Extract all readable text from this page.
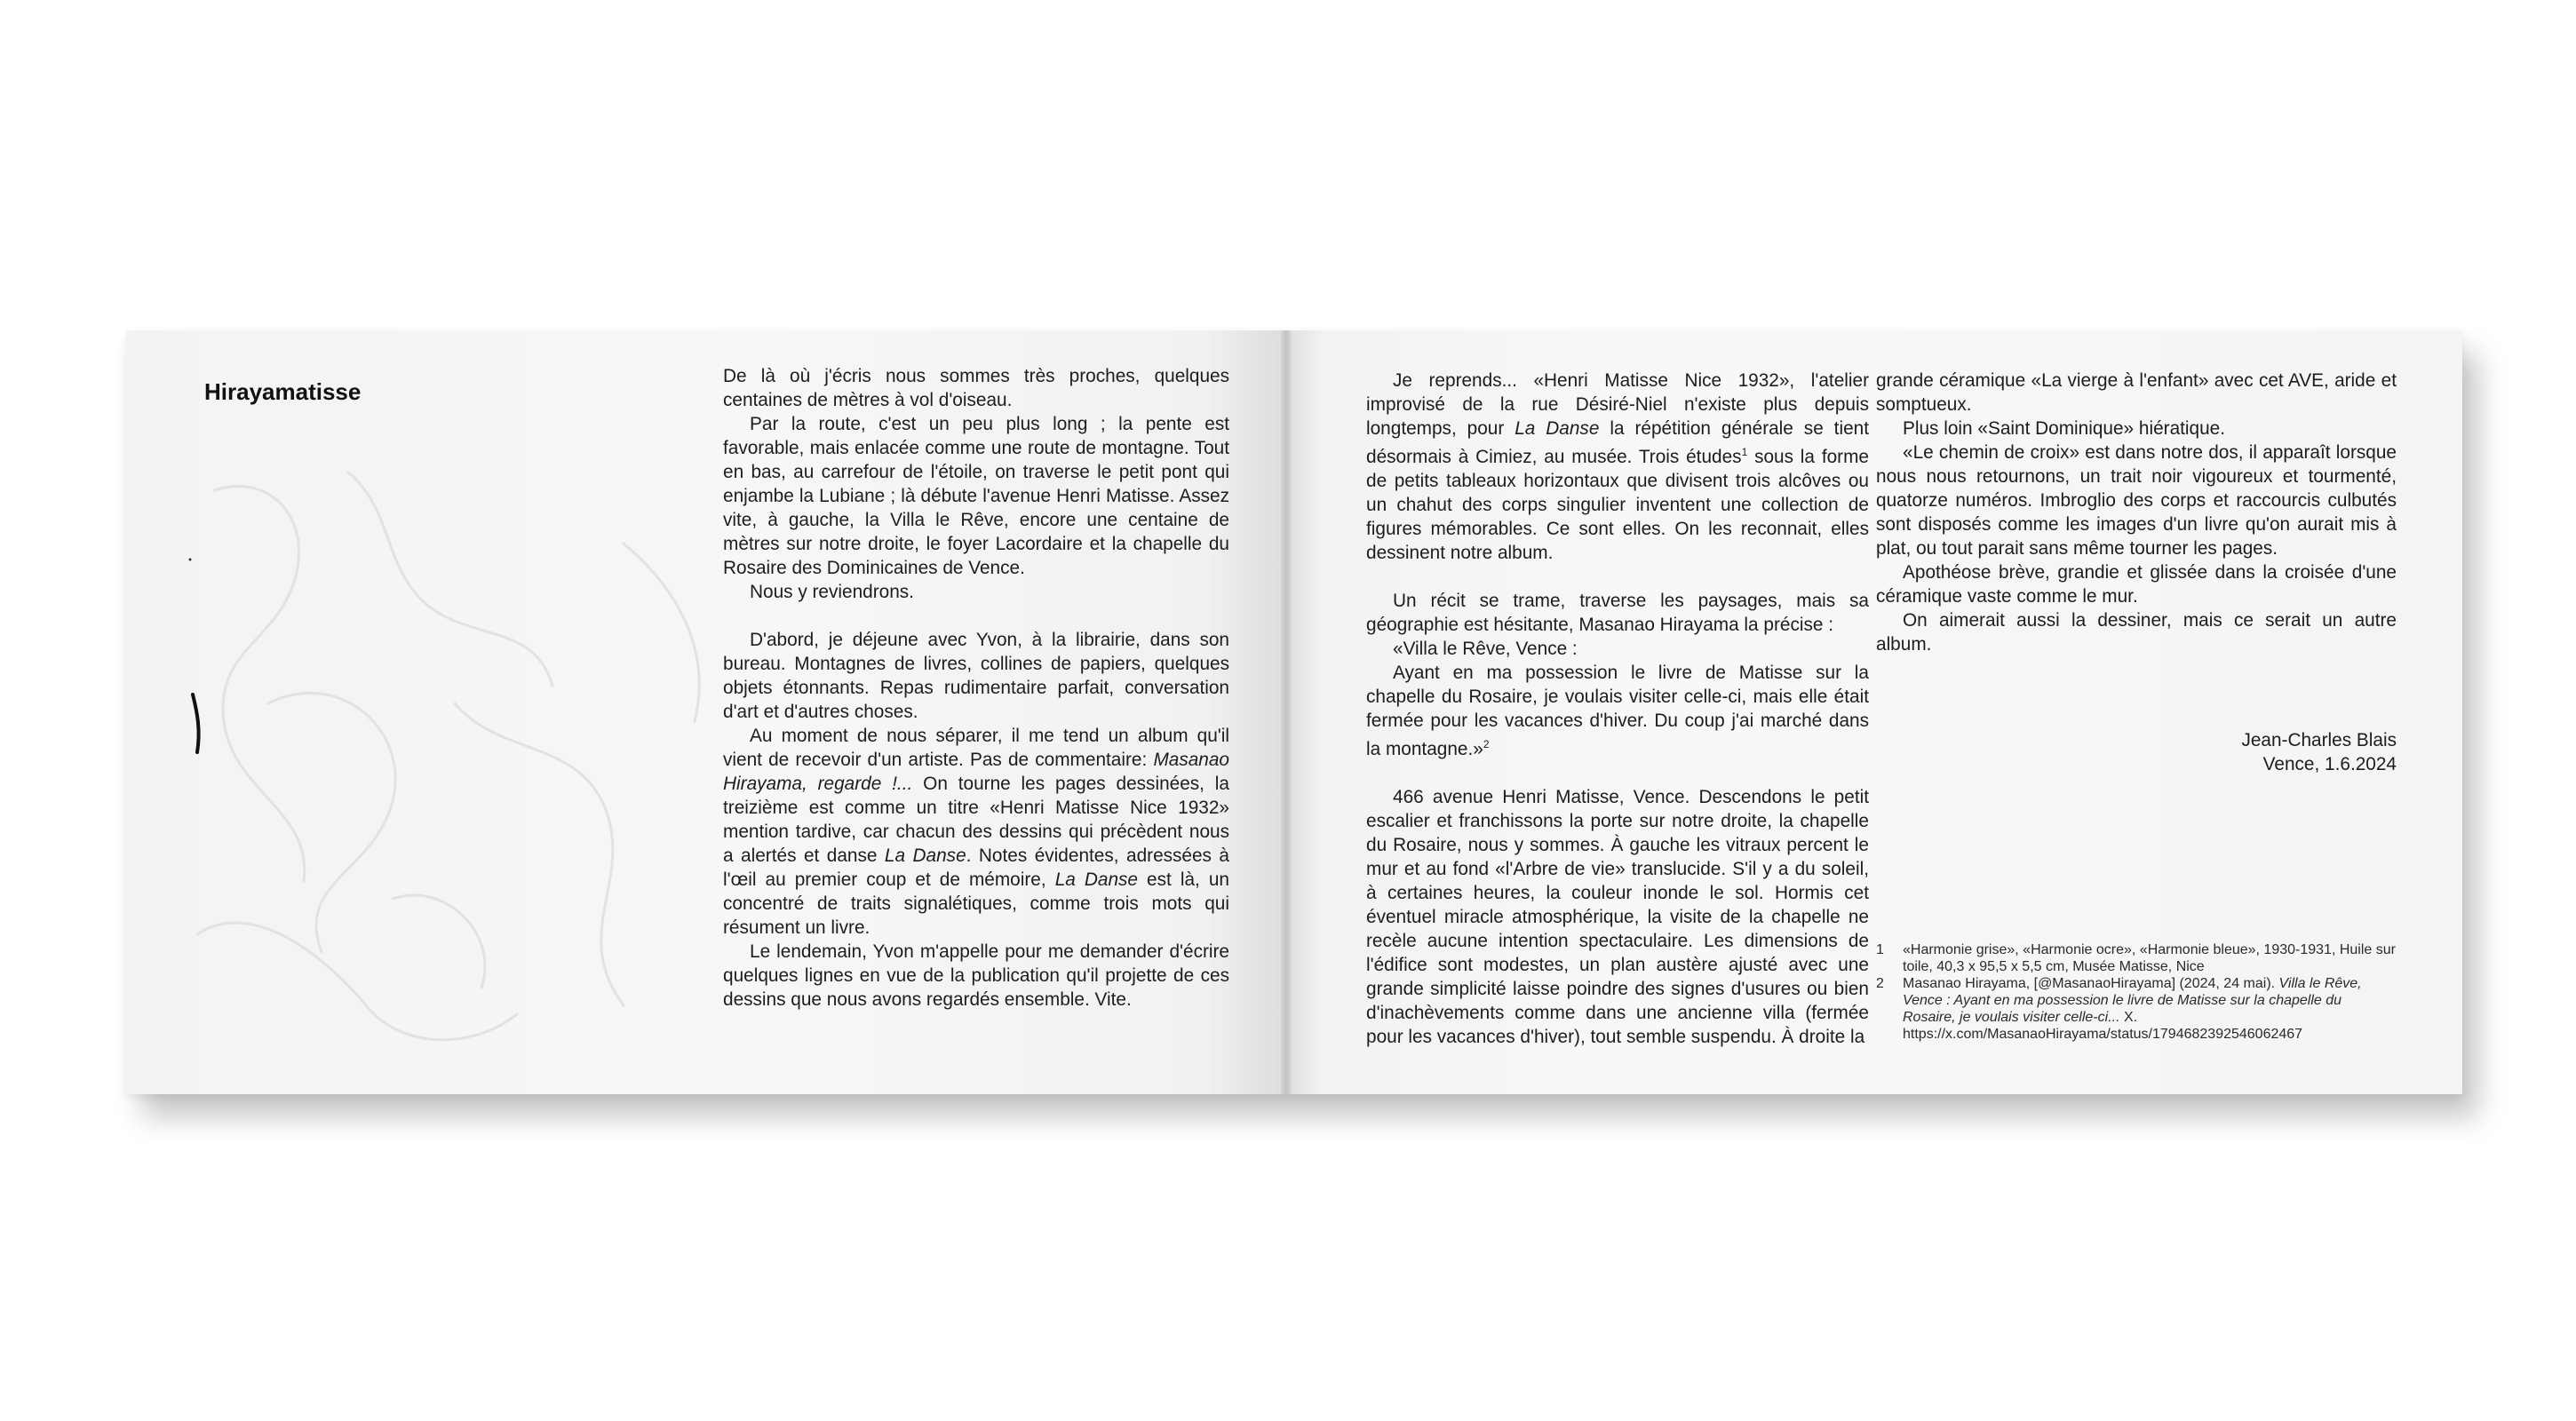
Hirayamatisse

De là où j'écris nous sommes très proches, quelques centaines de mètres à vol d'oiseau.

Par la route, c'est un peu plus long ; la pente est favorable, mais enlacée comme une route de montagne. Tout en bas, au carrefour de l'étoile, on traverse le petit pont qui enjambe la Lubiane ; là débute l'avenue Henri Matisse. Assez vite, à gauche, la Villa le Rêve, encore une centaine de mètres sur notre droite, le foyer Lacordaire et la chapelle du Rosaire des Dominicaines de Vence.

Nous y reviendrons.

D'abord, je déjeune avec Yvon, à la librairie, dans son bureau. Montagnes de livres, collines de papiers, quelques objets étonnants. Repas rudimentaire parfait, conversation d'art et d'autres choses.

Au moment de nous séparer, il me tend un album qu'il vient de recevoir d'un artiste. Pas de commentaire: Masanao Hirayama, regarde !... On tourne les pages dessinées, la treizième est comme un titre «Henri Matisse Nice 1932» mention tardive, car chacun des dessins qui précèdent nous a alertés et danse La Danse. Notes évidentes, adressées à l'œil au premier coup et de mémoire, La Danse est là, un concentré de traits signalétiques, comme trois mots qui résument un livre.

Le lendemain, Yvon m'appelle pour me demander d'écrire quelques lignes en vue de la publication qu'il projette de ces dessins que nous avons regardés ensemble. Vite.

Je reprends... «Henri Matisse Nice 1932», l'atelier improvisé de la rue Désiré-Niel n'existe plus depuis longtemps, pour La Danse la répétition générale se tient désormais à Cimiez, au musée. Trois études$^1$ sous la forme de petits tableaux horizontaux que divisent trois alcôves ou un chahut des corps singulier inventent une collection de figures mémorables. Ce sont elles. On les reconnait, elles dessinent notre album.

Un récit se trame, traverse les paysages, mais sa géographie est hésitante, Masanao Hirayama la précise :

«Villa le Rêve, Vence :

Ayant en ma possession le livre de Matisse sur la chapelle du Rosaire, je voulais visiter celle-ci, mais elle était fermée pour les vacances d'hiver. Du coup j'ai marché dans la montagne.»$^2$

466 avenue Henri Matisse, Vence. Descendons le petit escalier et franchissons la porte sur notre droite, la chapelle du Rosaire, nous y sommes. À gauche les vitraux percent le mur et au fond «l'Arbre de vie» translucide. S'il y a du soleil, à certaines heures, la couleur inonde le sol. Hormis cet éventuel miracle atmosphérique, la visite de la chapelle ne recèle aucune intention spectaculaire. Les dimensions de l'édifice sont modestes, un plan austère ajusté avec une grande simplicité laisse poindre des signes d'usures ou bien d'inachèvements comme dans une ancienne villa (fermée pour les vacances d'hiver), tout semble suspendu. À droite la

grande céramique «La vierge à l'enfant» avec cet AVE, aride et somptueux.

Plus loin «Saint Dominique» hiératique.

«Le chemin de croix» est dans notre dos, il apparaît lorsque nous nous retournons, un trait noir vigoureux et tourmenté, quatorze numéros. Imbroglio des corps et raccourcis culbutés sont disposés comme les images d'un livre qu'on aurait mis à plat, ou tout parait sans même tourner les pages.

Apothéose brève, grandie et glissée dans la croisée d'une céramique vaste comme le mur.

On aimerait aussi la dessiner, mais ce serait un autre album.

Jean-Charles Blais
Vence, 1.6.2024
1	«Harmonie grise», «Harmonie ocre», «Harmonie bleue», 1930-1931, Huile sur toile, 40,3 x 95,5 x 5,5 cm, Musée Matisse, Nice
2	Masanao Hirayama, [@MasanaoHirayama] (2024, 24 mai). Villa le Rêve, Vence : Ayant en ma possession le livre de Matisse sur la chapelle du Rosaire, je voulais visiter celle-ci... X. https://x.com/MasanaoHirayama/status/1794682392546062467
